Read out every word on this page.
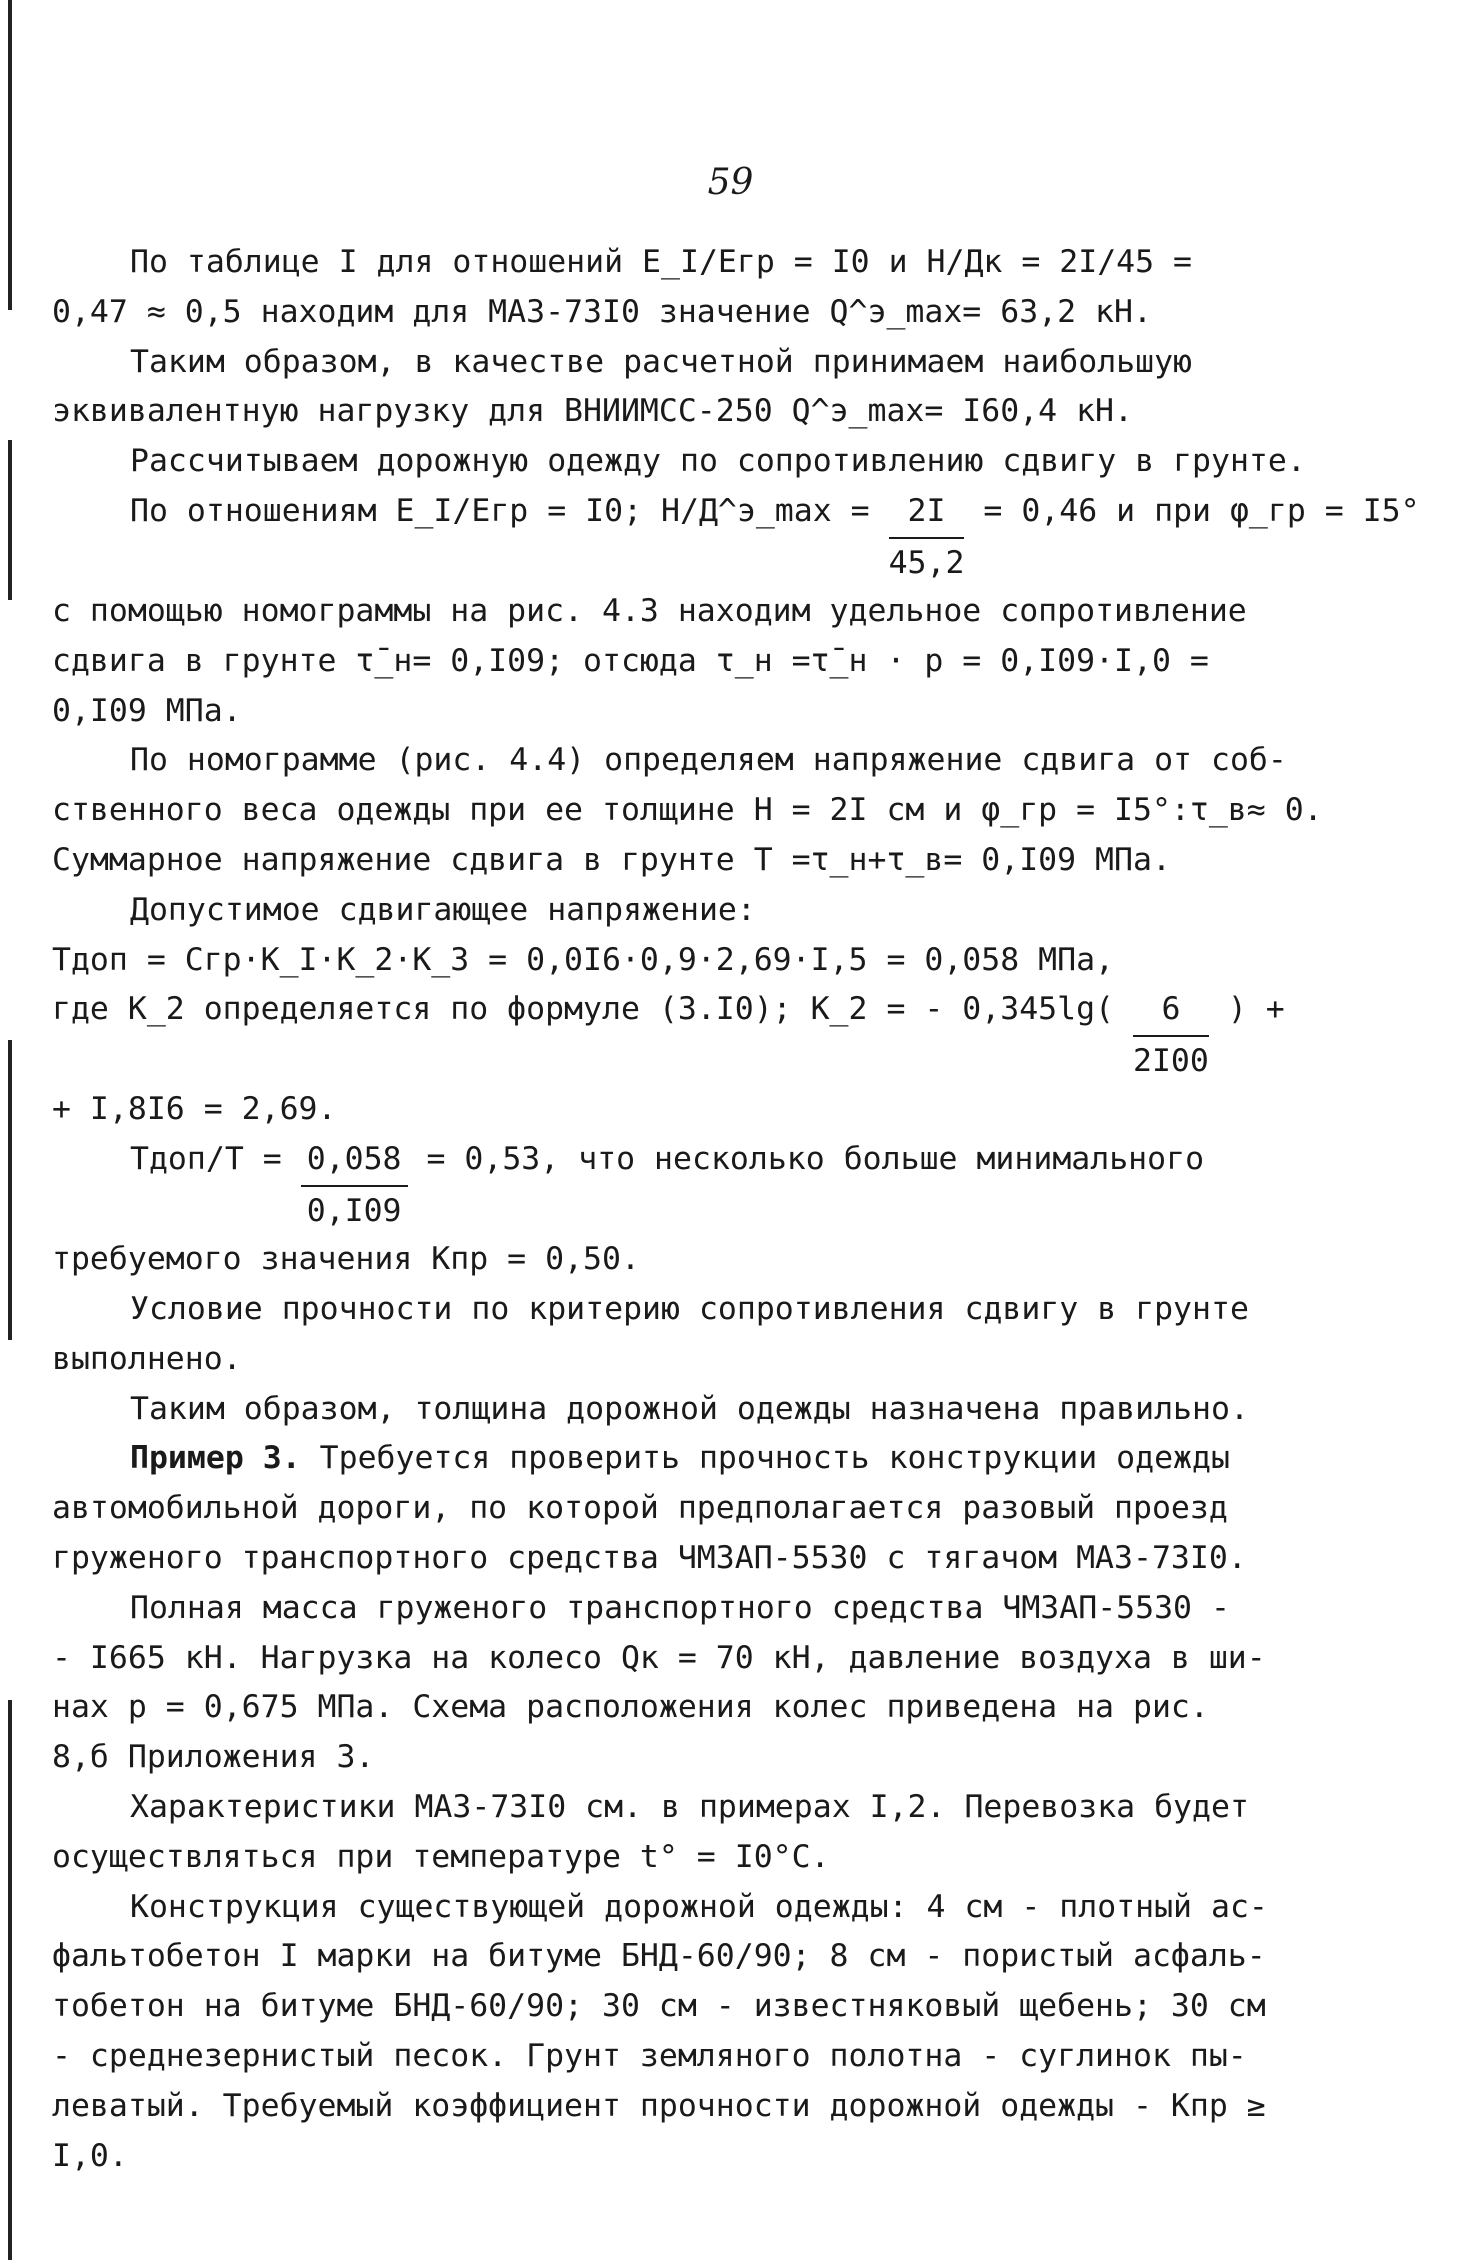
59
По таблице I для отношений Е_I/Егр = I0 и Н/Дк = 2I/45 =
0,47 ≈ 0,5 находим для МАЗ-73I0 значение Q^э_max= 63,2 кН.
Таким образом, в качестве расчетной принимаем наибольшую
эквивалентную нагрузку для ВНИИМСС-250 Q^э_max= I60,4 кН.
Рассчитываем дорожную одежду по сопротивлению сдвигу в грунте.
По отношениям Е_I/Егр = I0; Н/Д^э_max = $\frac{2I}{45,2} = 0,46$ и при φ_гр = I5°
с помощью номограммы на рис. 4.3 находим удельное сопротивление
сдвига в грунте τ̄_н= 0,I09; отсюда τ_н =τ̄_н · р = 0,I09·I,0 =
0,I09 МПа.
По номограмме (рис. 4.4) определяем напряжение сдвига от соб-
ственного веса одежды при ее толщине Н = 2I см и φ_гр = I5°:τ_в≈ 0.
Суммарное напряжение сдвига в грунте Т =τ_н+τ_в= 0,I09 МПа.
Допустимое сдвигающее напряжение:
Тдоп = Сгр·К_I·К_2·К_3 = 0,0I6·0,9·2,69·I,5 = 0,058 МПа,
где К_2 определяется по формуле (3.I0); К_2 = - $0,345\lg( \frac{6}{2I00}$ ) +
+ I,8I6 = 2,69.
Тдоп/Т = $\frac{0,058}{0,I09} = 0,53$, что несколько больше минимального
требуемого значения Кпр = 0,50.
Условие прочности по критерию сопротивления сдвигу в грунте
выполнено.
Таким образом, толщина дорожной одежды назначена правильно.
Пример 3. Требуется проверить прочность конструкции одежды
автомобильной дороги, по которой предполагается разовый проезд
груженого транспортного средства ЧМЗАП-5530 с тягачом МАЗ-73I0.
Полная масса груженого транспортного средства ЧМЗАП-5530 -
- I665 кН. Нагрузка на колесо Qк = 70 кН, давление воздуха в ши-
нах р = 0,675 МПа. Схема расположения колес приведена на рис.
8,б Приложения 3.
Характеристики МАЗ-73I0 см. в примерах I,2. Перевозка будет
осуществляться при температуре t° = I0°С.
Конструкция существующей дорожной одежды: 4 см - плотный ас-
фальтобетон I марки на битуме БНД-60/90; 8 см - пористый асфаль-
тобетон на битуме БНД-60/90; 30 см - известняковый щебень; 30 см
- среднезернистый песок. Грунт земляного полотна - суглинок пы-
леватый. Требуемый коэффициент прочности дорожной одежды - Кпр ≥
I,0.
